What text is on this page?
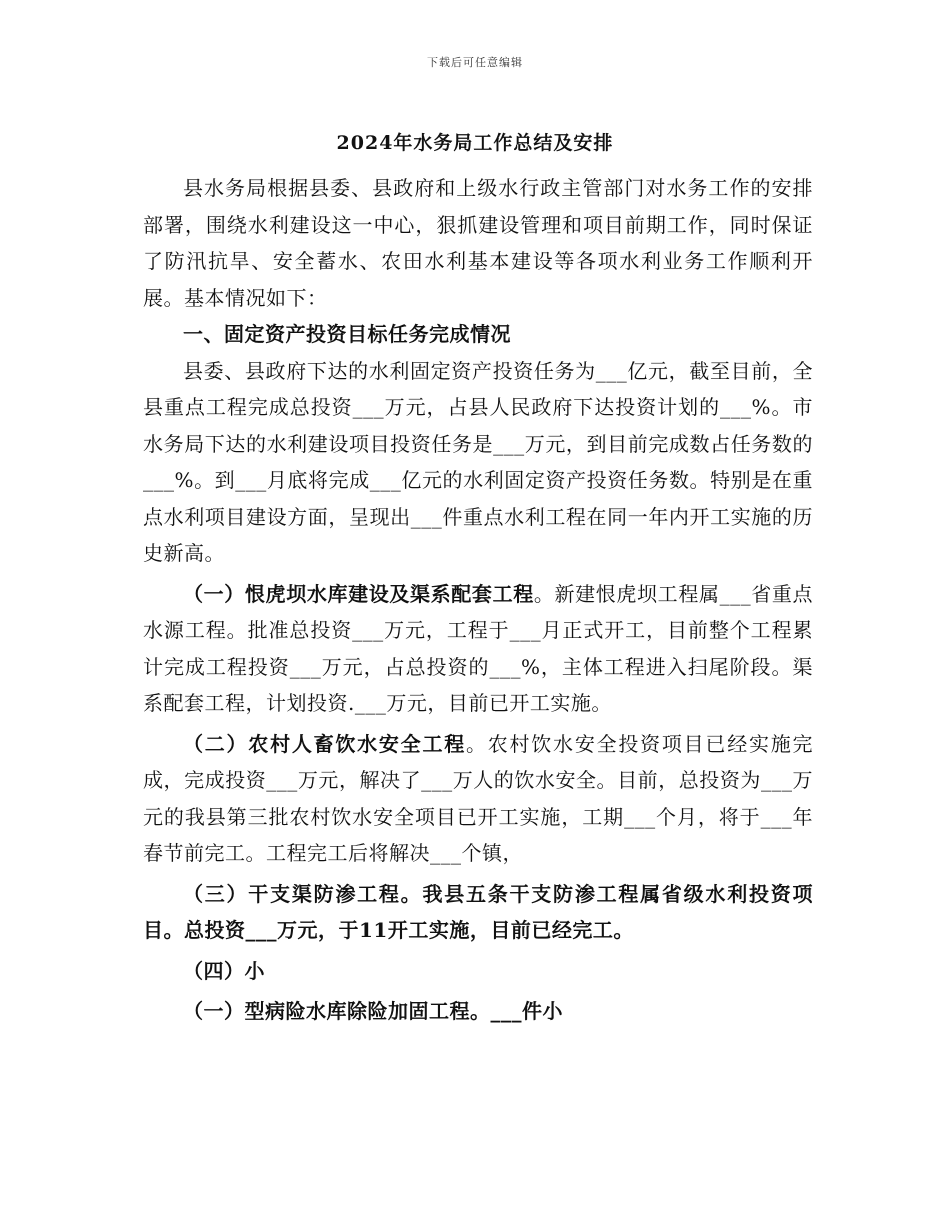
下载后可任意编辑
2024年水务局工作总结及安排

县水务局根据县委、县政府和上级水行政主管部门对水务工作的安排部署，围绕水利建设这一中心，狠抓建设管理和项目前期工作，同时保证了防汛抗旱、安全蓄水、农田水利基本建设等各项水利业务工作顺利开展。基本情况如下：

一、固定资产投资目标任务完成情况

县委、县政府下达的水利固定资产投资任务为___亿元，截至目前，全县重点工程完成总投资___万元，占县人民政府下达投资计划的___%。市水务局下达的水利建设项目投资任务是___万元，到目前完成数占任务数的___%。到___月底将完成___亿元的水利固定资产投资任务数。特别是在重点水利项目建设方面，呈现出___件重点水利工程在同一年内开工实施的历史新高。

（一）恨虎坝水库建设及渠系配套工程。新建恨虎坝工程属___省重点水源工程。批准总投资___万元，工程于___月正式开工，目前整个工程累计完成工程投资___万元，占总投资的___%，主体工程进入扫尾阶段。渠系配套工程，计划投资.___万元，目前已开工实施。

（二）农村人畜饮水安全工程。农村饮水安全投资项目已经实施完成，完成投资___万元，解决了___万人的饮水安全。目前，总投资为___万元的我县第三批农村饮水安全项目已开工实施，工期___个月，将于___年春节前完工。工程完工后将解决___个镇，

（三）干支渠防渗工程。我县五条干支防渗工程属省级水利投资项目。总投资___万元，于11开工实施，目前已经完工。

（四）小

（一）型病险水库除险加固工程。___件小
